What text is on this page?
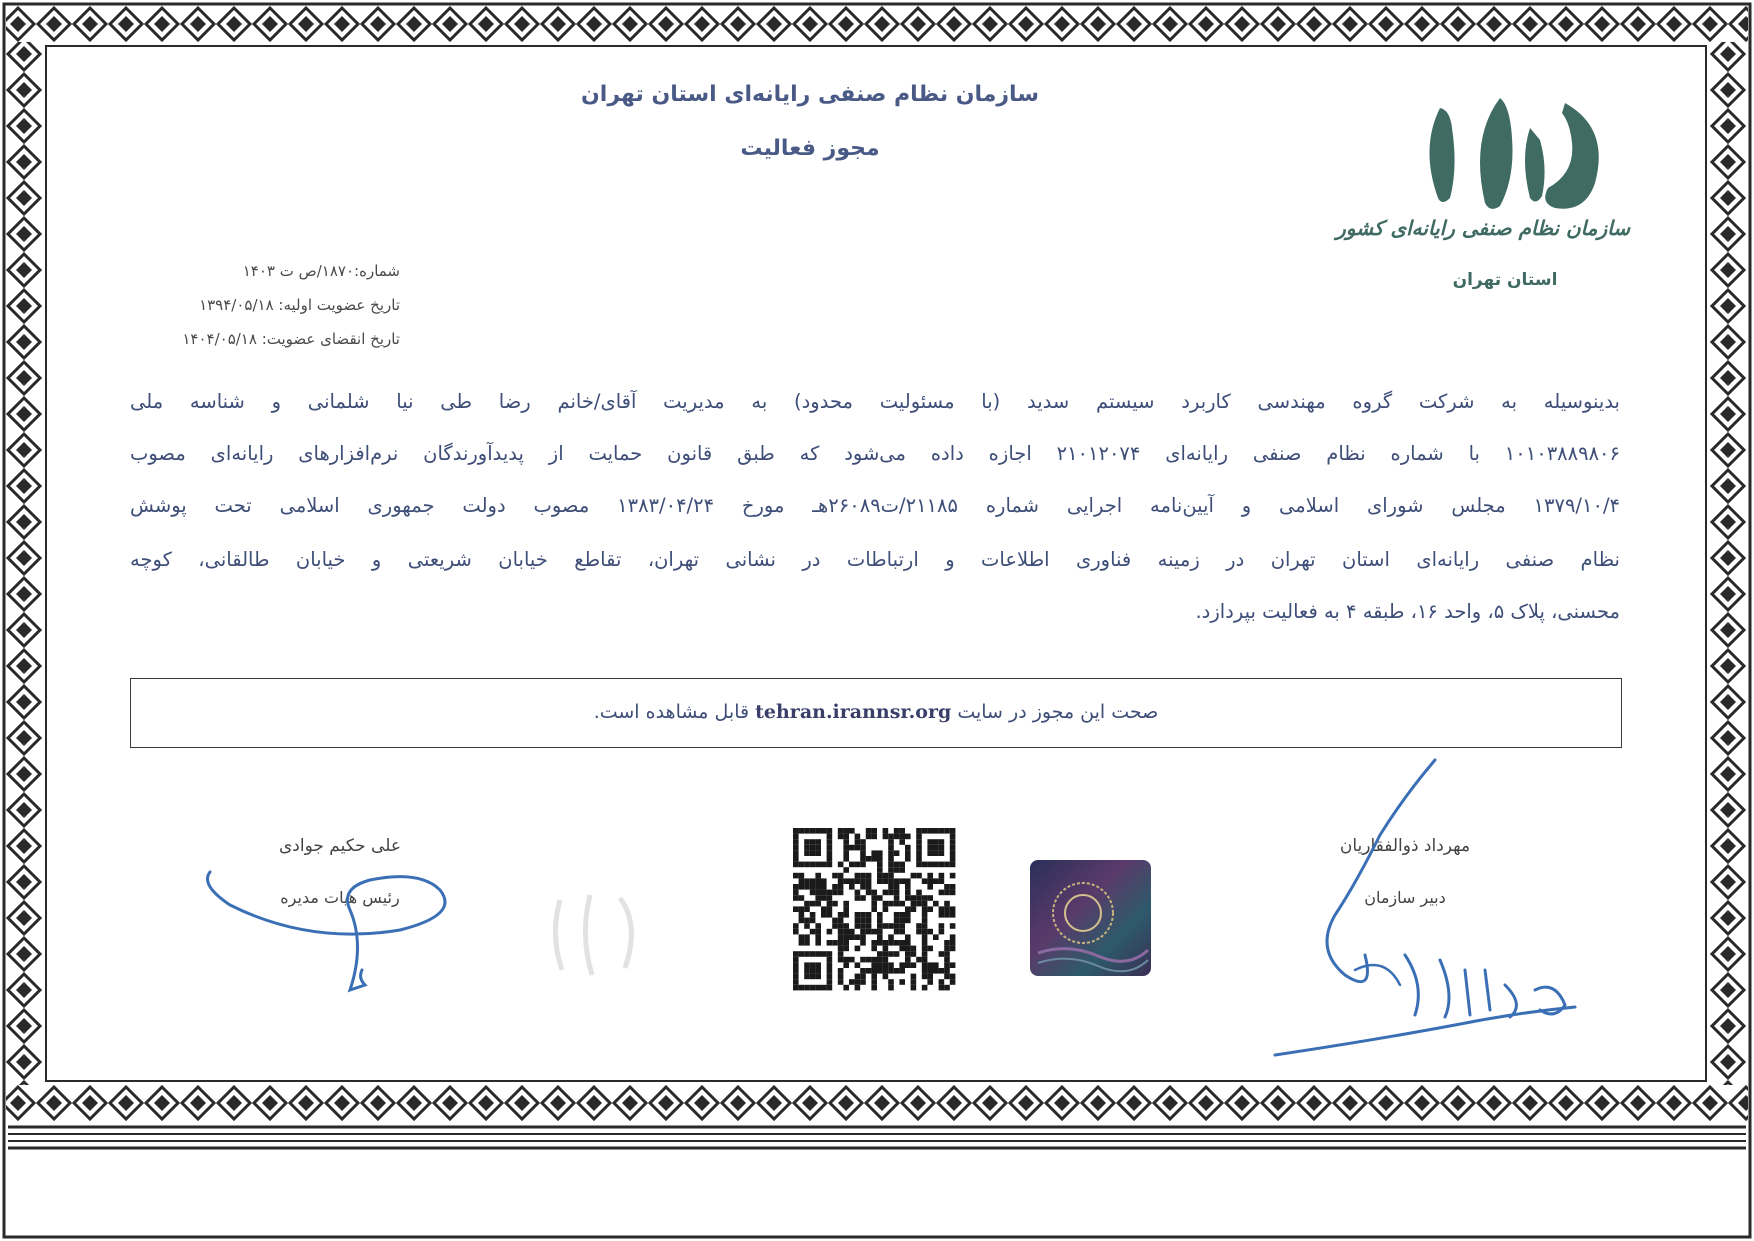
سازمان نظام صنفی رایانه‌ای استان تهران
مجوز فعالیت
سازمان نظام صنفی رایانه‌ای کشور
استان تهران
شماره:۱۸۷۰/ص ت ۱۴۰۳
تاریخ عضویت اولیه: ۱۳۹۴/۰۵/۱۸
تاریخ انقضای عضویت: ۱۴۰۴/۰۵/۱۸
بدینوسیله به شرکت گروه مهندسی کاربرد سیستم سدید (با مسئولیت محدود) به مدیریت آقای/خانم رضا طی نیا شلمانی و شناسه ملی
۱۰۱۰۳۸۸۹۸۰۶ با شماره نظام صنفی رایانه‌ای ۲۱۰۱۲۰۷۴ اجازه داده می‌شود که طبق قانون حمایت از پدیدآورندگان نرم‌افزارهای رایانه‌ای مصوب
۱۳۷۹/۱۰/۴ مجلس شورای اسلامی و آیین‌نامه اجرایی شماره ۲۱۱۸۵/ت۲۶۰۸۹هـ مورخ ۱۳۸۳/۰۴/۲۴ مصوب دولت جمهوری اسلامی تحت پوشش
نظام صنفی رایانه‌ای استان تهران در زمینه فناوری اطلاعات و ارتباطات در نشانی تهران، تقاطع خیابان شریعتی و خیابان طالقانی، کوچه
محسنی، پلاک ۵، واحد ۱۶، طبقه ۴ به فعالیت بپردازد.
صحت این مجوز در سایت tehran.irannsr.org قابل مشاهده است.
علی حکیم جوادی
رئیس هیات مدیره
مهرداد ذوالفقاریان
دبیر سازمان
